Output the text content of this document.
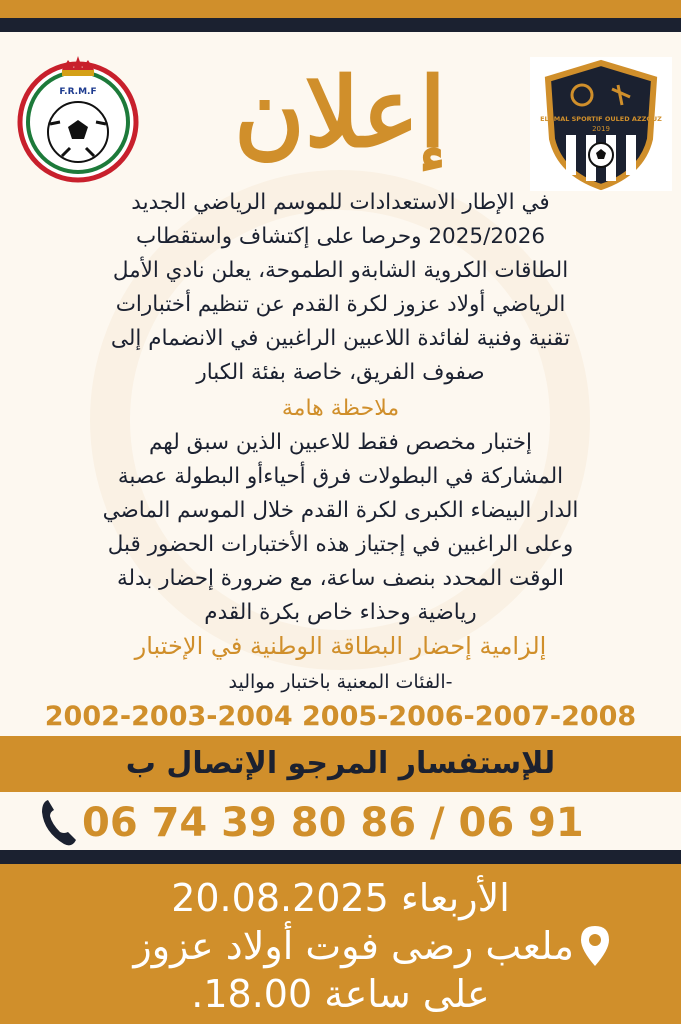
F.R.M.F	إعلان	ELAMAL SPORTIF OULED AZZOUZ
2019
في الإطار الاستعدادات للموسم الرياضي الجديد
2025/2026 وحرصا على إكتشاف واستقطاب
الطاقات الكروية الشابةو الطموحة، يعلن نادي الأمل
الرياضي أولاد عزوز لكرة القدم عن تنظيم أختبارات
تقنية وفنية لفائدة اللاعبين الراغبين في الانضمام إلى
صفوف الفريق، خاصة بفئة الكبار
ملاحظة هامة
إختبار مخصص فقط للاعبين الذين سبق لهم
المشاركة في البطولات فرق أحياءأو البطولة عصبة
الدار البيضاء الكبرى لكرة القدم خلال الموسم الماضي
وعلى الراغبين في إجتياز هذه الأختبارات الحضور قبل
الوقت المحدد بنصف ساعة، مع ضرورة إحضار بدلة
رياضية وحذاء خاص بكرة القدم
إلزامية إحضار البطاقة الوطنية في الإختبار
-الفئات المعنية باختبار مواليد
2002-2003-2004 2005-2006-2007-2008
للإستفسار المرجو الإتصال ب
06 74 39 80 86 / 06 91
الأربعاء 20.08.2025
ملعب رضى فوت أولاد عزوز
على ساعة 18.00.
